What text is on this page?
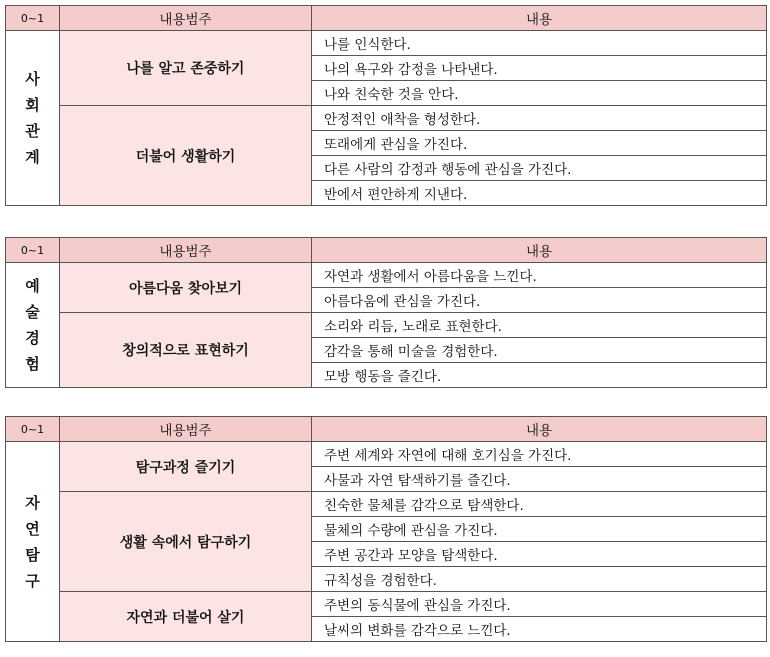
0~1	내용범주	내용

사
회
관
계	나를 알고 존중하기	나를 인식한다.
		나의 욕구와 감정을 나타낸다.
		나와 친숙한 것을 안다.
	더불어 생활하기	안정적인 애착을 형성한다.
		또래에게 관심을 가진다.
		다른 사람의 감정과 행동에 관심을 가진다.
		반에서 편안하게 지낸다.
0~1	내용범주	내용

예
술
경
험	아름다움 찾아보기	자연과 생활에서 아름다움을 느낀다.
		아름다움에 관심을 가진다.
	창의적으로 표현하기	소리와 리듬, 노래로 표현한다.
		감각을 통해 미술을 경험한다.
		모방 행동을 즐긴다.
0~1	내용범주	내용

자
연
탐
구	탐구과정 즐기기	주변 세계와 자연에 대해 호기심을 가진다.
		사물과 자연 탐색하기를 즐긴다.
	생활 속에서 탐구하기	친숙한 물체를 감각으로 탐색한다.
		물체의 수량에 관심을 가진다.
		주변 공간과 모양을 탐색한다.
		규칙성을 경험한다.
	자연과 더불어 살기	주변의 동식물에 관심을 가진다.
		날씨의 변화를 감각으로 느낀다.
